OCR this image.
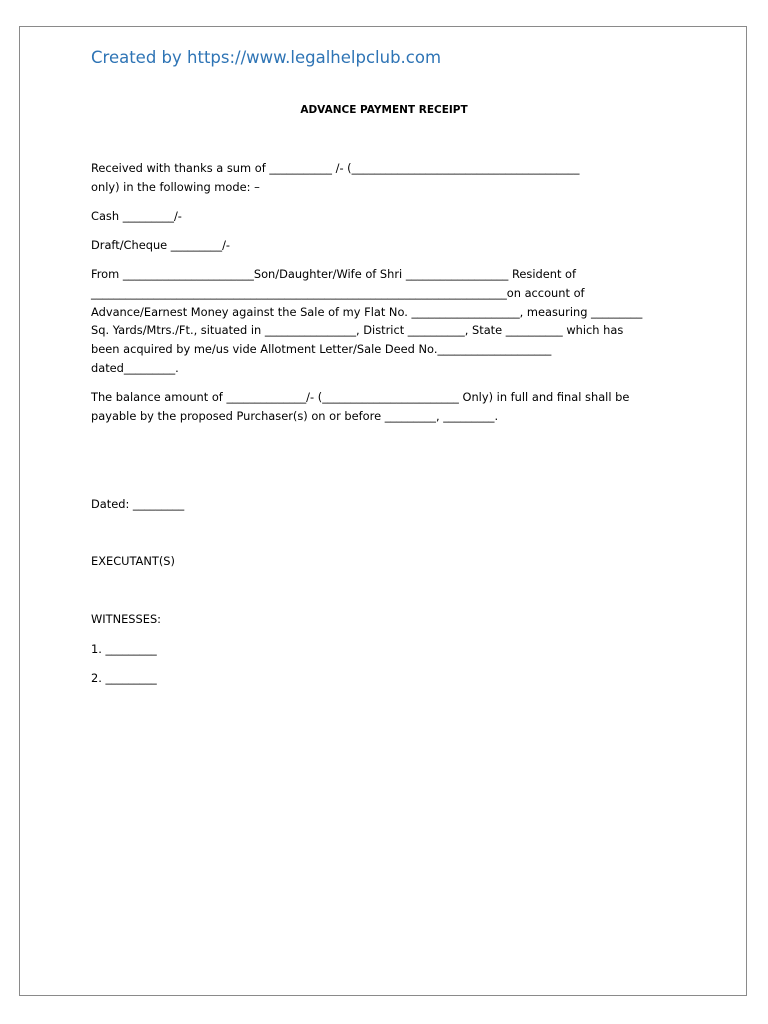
Created by https://www.legalhelpclub.com
ADVANCE PAYMENT RECEIPT
Received with thanks a sum of ___________ /- (________________________________________
only) in the following mode: –
Cash _________/-
Draft/Cheque _________/-
From _______________________Son/Daughter/Wife of Shri __________________ Resident of
_________________________________________________________________________on account of
Advance/Earnest Money against the Sale of my Flat No. ___________________, measuring _________
Sq. Yards/Mtrs./Ft., situated in ________________, District __________, State __________ which has
been acquired by me/us vide Allotment Letter/Sale Deed No.____________________
dated_________.
The balance amount of ______________/- (________________________ Only) in full and final shall be
payable by the proposed Purchaser(s) on or before _________, _________.
Dated: _________
EXECUTANT(S)
WITNESSES:
1. _________
2. _________
